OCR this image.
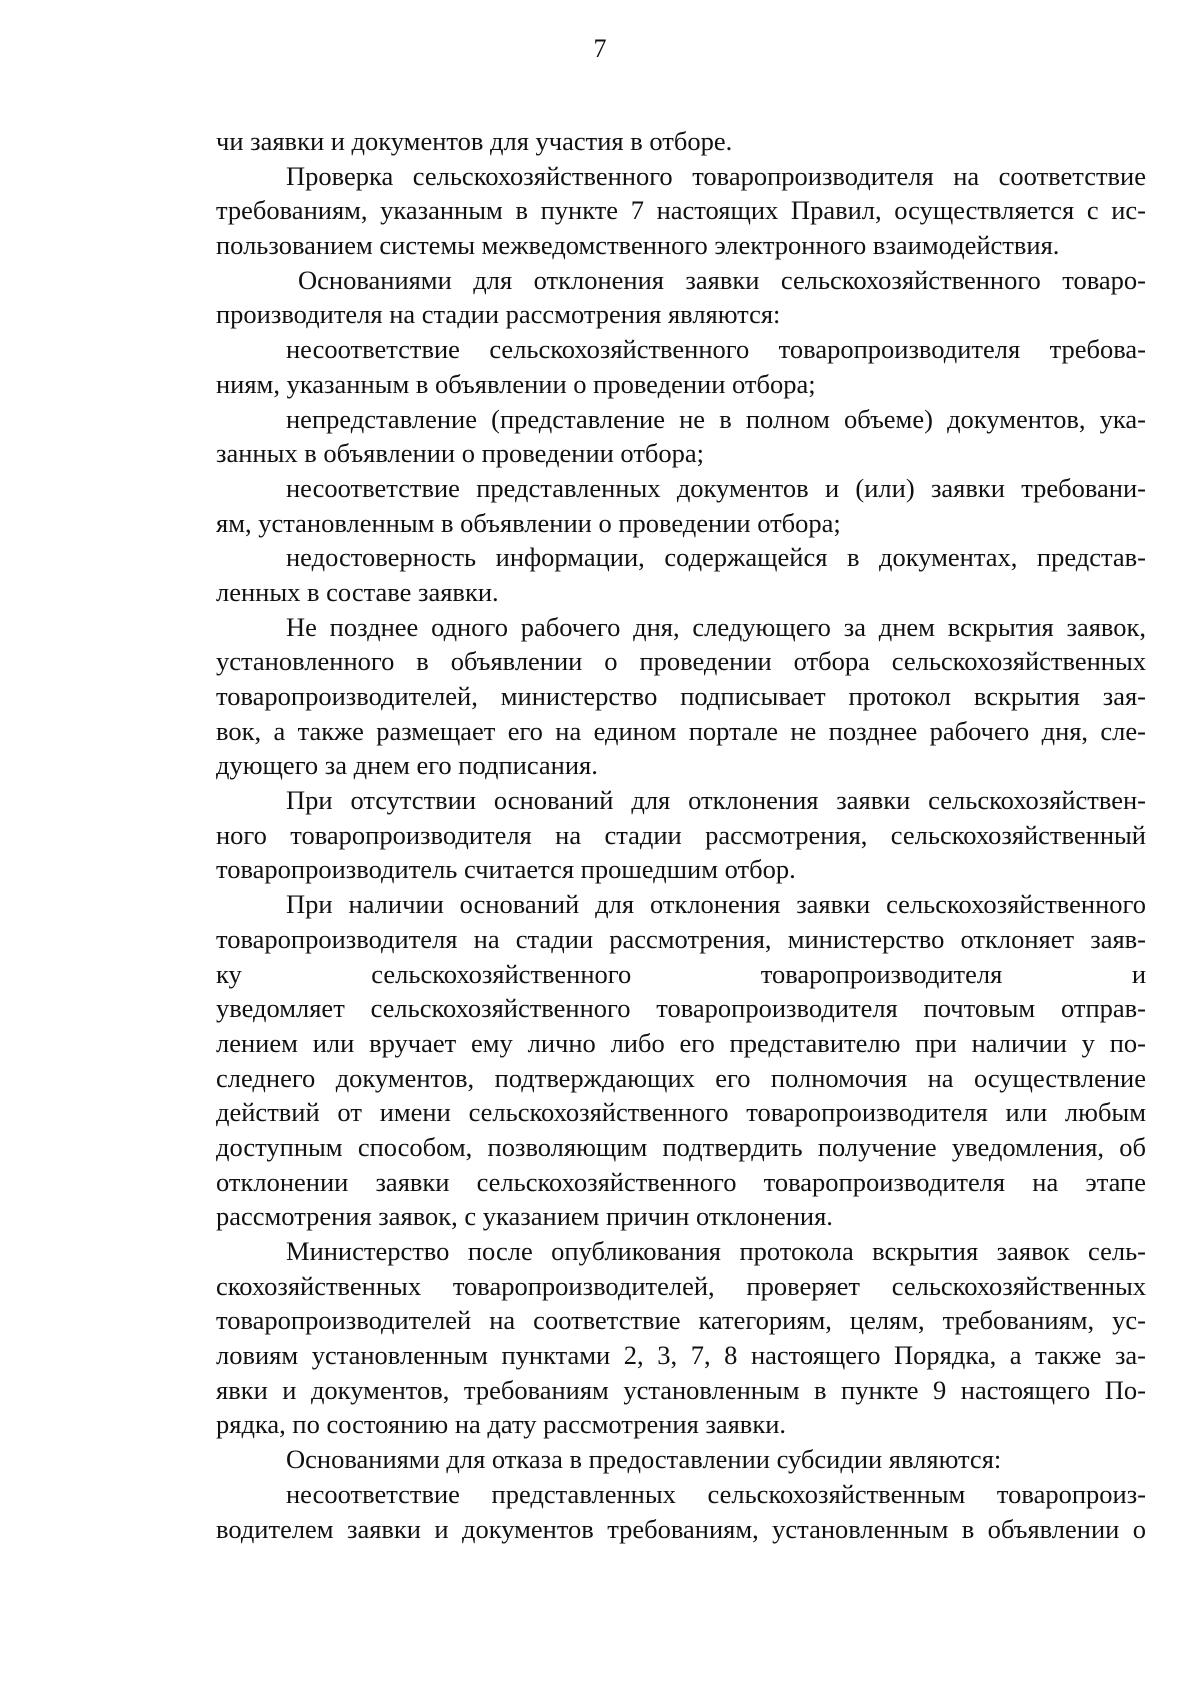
7
чи заявки и документов для участия в отборе.
Проверка сельскохозяйственного товаропроизводителя на соответствие
требованиям, указанным в пункте 7 настоящих Правил, осуществляется с ис-
пользованием системы межведомственного электронного взаимодействия.
Основаниями для отклонения заявки сельскохозяйственного товаро-
производителя на стадии рассмотрения являются:
несоответствие сельскохозяйственного товаропроизводителя требова-
ниям, указанным в объявлении о проведении отбора;
непредставление (представление не в полном объеме) документов, ука-
занных в объявлении о проведении отбора;
несоответствие представленных документов и (или) заявки требовани-
ям, установленным в объявлении о проведении отбора;
недостоверность информации, содержащейся в документах, представ-
ленных в составе заявки.
Не позднее одного рабочего дня, следующего за днем вскрытия заявок,
установленного в объявлении о проведении отбора сельскохозяйственных
товаропроизводителей, министерство подписывает протокол вскрытия зая-
вок, а также размещает его на едином портале не позднее рабочего дня, сле-
дующего за днем его подписания.
При отсутствии оснований для отклонения заявки сельскохозяйствен-
ного товаропроизводителя на стадии рассмотрения, сельскохозяйственный
товаропроизводитель считается прошедшим отбор.
При наличии оснований для отклонения заявки сельскохозяйственного
товаропроизводителя на стадии рассмотрения, министерство отклоняет заяв-
ку сельскохозяйственного товаропроизводителя и
уведомляет сельскохозяйственного товаропроизводителя почтовым отправ-
лением или вручает ему лично либо его представителю при наличии у по-
следнего документов, подтверждающих его полномочия на осуществление
действий от имени сельскохозяйственного товаропроизводителя или любым
доступным способом, позволяющим подтвердить получение уведомления, об
отклонении заявки сельскохозяйственного товаропроизводителя на этапе
рассмотрения заявок, с указанием причин отклонения.
Министерство после опубликования протокола вскрытия заявок сель-
скохозяйственных товаропроизводителей, проверяет сельскохозяйственных
товаропроизводителей на соответствие категориям, целям, требованиям, ус-
ловиям установленным пунктами 2, 3, 7, 8 настоящего Порядка, а также за-
явки и документов, требованиям установленным в пункте 9 настоящего По-
рядка, по состоянию на дату рассмотрения заявки.
Основаниями для отказа в предоставлении субсидии являются:
несоответствие представленных сельскохозяйственным товаропроиз-
водителем заявки и документов требованиям, установленным в объявлении о
